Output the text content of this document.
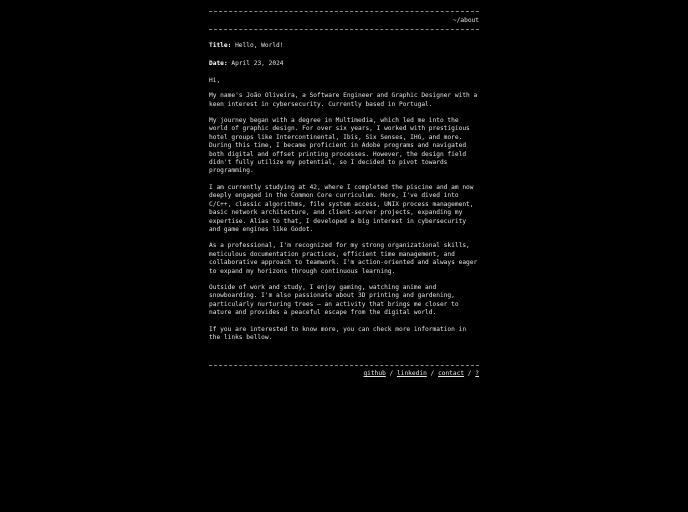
~/about
Title: Hello, World!
Date: April 23, 2024

Hi,

My name's João Oliveira, a Software Engineer and Graphic Designer with a keen interest in cybersecurity. Currently based in Portugal.

My journey began with a degree in Multimedia, which led me into the world of graphic design. For over six years, I worked with prestigious hotel groups like Intercontinental, Ibis, Six Senses, IHG, and more. During this time, I became proficient in Adobe programs and navigated both digital and offset printing processes. However, the design field didn't fully utilize my potential, so I decided to pivot towards programming.

I am currently studying at 42, where I completed the piscine and am now deeply engaged in the Common Core curriculum. Here, I've dived into C/C++, classic algorithms, file system access, UNIX process management, basic network architecture, and client-server projects, expanding my expertise. Alias to that, I developed a big interest in cybersecurity and game engines like Godot.

As a professional, I'm recognized for my strong organizational skills, meticulous documentation practices, efficient time management, and collaborative approach to teamwork. I'm action-oriented and always eager to expand my horizons through continuous learning.

Outside of work and study, I enjoy gaming, watching anime and snowboarding. I'm also passionate about 3D printing and gardening, particularly nurturing trees — an activity that brings me closer to nature and provides a peaceful escape from the digital world.

If you are interested to know more, you can check more information in the links bellow.

github / linkedin / contact / ?
